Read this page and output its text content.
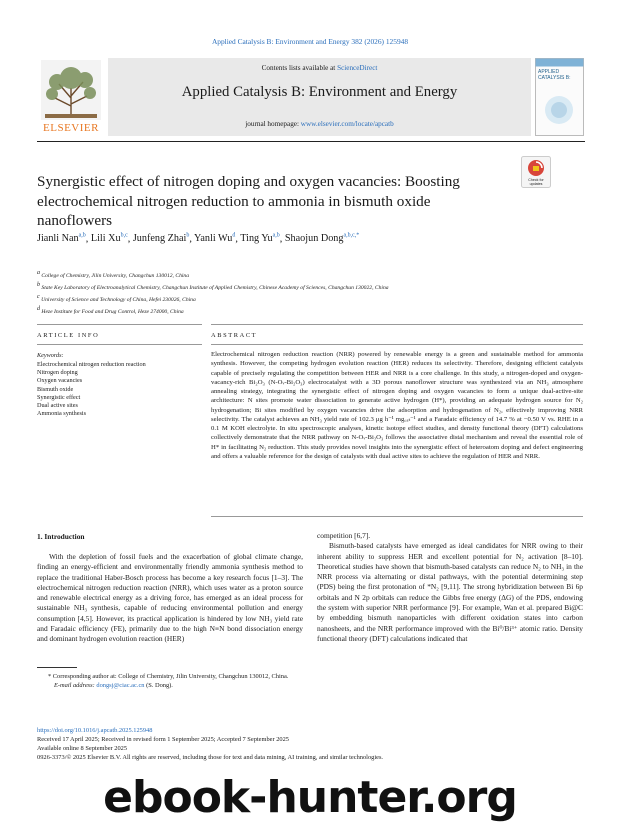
Applied Catalysis B: Environment and Energy 382 (2026) 125948
ELSEVIER
Contents lists available at ScienceDirect
Applied Catalysis B: Environment and Energy
journal homepage: www.elsevier.com/locate/apcatb
APPLIED CATALYSIS B:
Synergistic effect of nitrogen doping and oxygen vacancies: Boosting electrochemical nitrogen reduction to ammonia in bismuth oxide nanoflowers
Check for updates
Jianli Nan$^{a,b}$, Lili Xu$^{b,c}$, Junfeng Zhai$^b$, Yanli Wu$^d$, Ting Yu$^{a,b}$, Shaojun Dong$^{a,b,c,*}$
$^a$ College of Chemistry, Jilin University, Changchun 130012, China
$^b$ State Key Laboratory of Electroanalytical Chemistry, Changchun Institute of Applied Chemistry, Chinese Academy of Sciences, Changchun 130022, China
$^c$ University of Science and Technology of China, Hefei 230026, China
$^d$ Heze Institute for Food and Drug Control, Heze 274000, China
ARTICLE INFO	ABSTRACT
Keywords:
Electrochemical nitrogen reduction reaction
Nitrogen doping
Oxygen vacancies
Bismuth oxide
Synergistic effect
Dual active sites
Ammonia synthesis
Electrochemical nitrogen reduction reaction (NRR) powered by renewable energy is a green and sustainable method for ammonia synthesis. However, the competing hydrogen evolution reaction (HER) reduces its selectivity. Therefore, designing efficient catalysts capable of precisely regulating the competition between HER and NRR is a core challenge. In this study, a nitrogen-doped and oxygen-vacancy-rich Bi₂O₃ (N-Oᵥ-Bi₂O₃) electrocatalyst with a 3D porous nanoflower structure was synthesized via an NH₃ atmosphere annealing strategy, integrating the synergistic effect of nitrogen doping and oxygen vacancies to form a unique dual-active-site architecture: N sites promote water dissociation to generate active hydrogen (H*), providing an adequate hydrogen source for N₂ hydrogenation; Bi sites modified by oxygen vacancies drive the adsorption and hydrogenation of N₂, effectively improving NRR selectivity. The catalyst achieves an NH₃ yield rate of 102.3 μg h⁻¹ mg꜀ₐₜ⁻¹ and a Faradaic efficiency of 14.7 % at −0.50 V vs. RHE in a 0.1 M KOH electrolyte. In situ spectroscopic analyses, kinetic isotope effect studies, and density functional theory (DFT) calculations collectively demonstrate that the NRR pathway on N-Oᵥ-Bi₂O₃ follows the associative distal mechanism and reveal the essential role of H* in facilitating N₂ reduction. This study provides novel insights into the synergistic effect of heteroatom doping and defect engineering and offers a valuable reference for the design of catalysts with dual active sites to achieve the regulation of HER and NRR.
1. Introduction
With the depletion of fossil fuels and the exacerbation of global climate change, finding an energy-efficient and environmentally friendly ammonia synthesis method to replace the traditional Haber-Bosch process has become a key research focus [1–3]. The electrochemical nitrogen reduction reaction (NRR), which uses water as a proton source and renewable electrical energy as a driving force, has emerged as an ideal process for sustainable NH₃ synthesis, capable of reducing environmental pollution and energy consumption [4,5]. However, its practical application is hindered by low NH₃ yield rate and Faradaic efficiency (FE), primarily due to the high N≡N bond dissociation energy and dominant hydrogen evolution reaction (HER)
competition [6,7].
Bismuth-based catalysts have emerged as ideal candidates for NRR owing to their inherent ability to suppress HER and excellent potential for N₂ activation [8–10]. Theoretical studies have shown that bismuth-based catalysts can reduce N₂ to NH₃ in the NRR process via alternating or distal pathways, with the potential determining step (PDS) being the first protonation of *N₂ [9,11]. The strong hybridization between Bi 6p orbitals and N 2p orbitals can reduce the Gibbs free energy (ΔG) of the PDS, endowing the system with superior NRR performance [9]. For example, Wan et al. prepared Bi@C by embedding bismuth nanoparticles with different oxidation states into carbon nanosheets, and the NRR performance improved with the Bi⁰/Bi³⁺ atomic ratio. Density functional theory (DFT) calculations indicated that
* Corresponding author at: College of Chemistry, Jilin University, Changchun 130012, China.
E-mail address: dongsj@ciac.ac.cn (S. Dong).
https://doi.org/10.1016/j.apcatb.2025.125948
Received 17 April 2025; Received in revised form 1 September 2025; Accepted 7 September 2025
Available online 8 September 2025
0926-3373/© 2025 Elsevier B.V. All rights are reserved, including those for text and data mining, AI training, and similar technologies.
ebook-hunter.org
